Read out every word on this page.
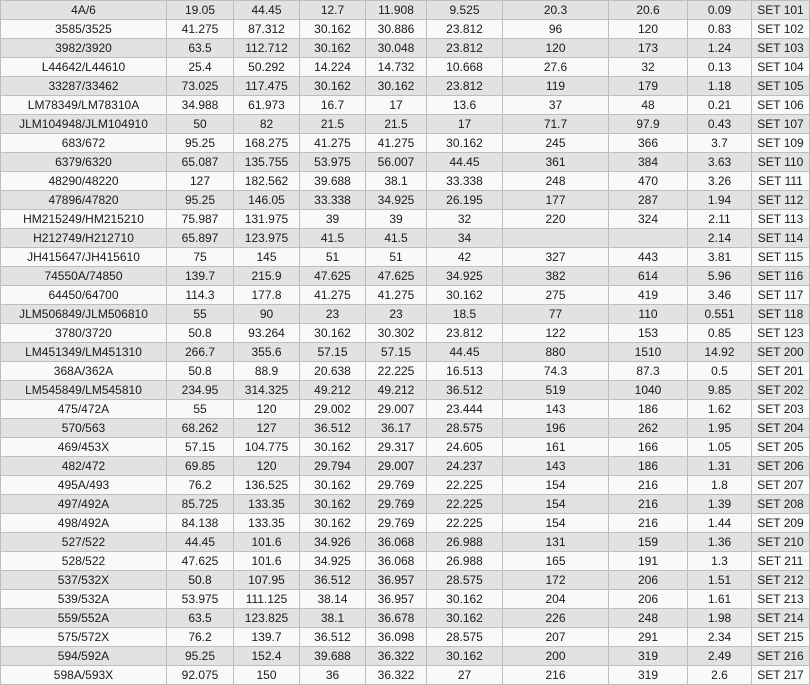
4A/6	19.05	44.45	12.7	11.908	9.525	20.3	20.6	0.09	SET 101
3585/3525	41.275	87.312	30.162	30.886	23.812	96	120	0.83	SET 102
3982/3920	63.5	112.712	30.162	30.048	23.812	120	173	1.24	SET 103
L44642/L44610	25.4	50.292	14.224	14.732	10.668	27.6	32	0.13	SET 104
33287/33462	73.025	117.475	30.162	30.162	23.812	119	179	1.18	SET 105
LM78349/LM78310A	34.988	61.973	16.7	17	13.6	37	48	0.21	SET 106
JLM104948/JLM104910	50	82	21.5	21.5	17	71.7	97.9	0.43	SET 107
683/672	95.25	168.275	41.275	41.275	30.162	245	366	3.7	SET 109
6379/6320	65.087	135.755	53.975	56.007	44.45	361	384	3.63	SET 110
48290/48220	127	182.562	39.688	38.1	33.338	248	470	3.26	SET 111
47896/47820	95.25	146.05	33.338	34.925	26.195	177	287	1.94	SET 112
HM215249/HM215210	75.987	131.975	39	39	32	220	324	2.11	SET 113
H212749/H212710	65.897	123.975	41.5	41.5	34			2.14	SET 114
JH415647/JH415610	75	145	51	51	42	327	443	3.81	SET 115
74550A/74850	139.7	215.9	47.625	47.625	34.925	382	614	5.96	SET 116
64450/64700	114.3	177.8	41.275	41.275	30.162	275	419	3.46	SET 117
JLM506849/JLM506810	55	90	23	23	18.5	77	110	0.551	SET 118
3780/3720	50.8	93.264	30.162	30.302	23.812	122	153	0.85	SET 123
LM451349/LM451310	266.7	355.6	57.15	57.15	44.45	880	1510	14.92	SET 200
368A/362A	50.8	88.9	20.638	22.225	16.513	74.3	87.3	0.5	SET 201
LM545849/LM545810	234.95	314.325	49.212	49.212	36.512	519	1040	9.85	SET 202
475/472A	55	120	29.002	29.007	23.444	143	186	1.62	SET 203
570/563	68.262	127	36.512	36.17	28.575	196	262	1.95	SET 204
469/453X	57.15	104.775	30.162	29.317	24.605	161	166	1.05	SET 205
482/472	69.85	120	29.794	29.007	24.237	143	186	1.31	SET 206
495A/493	76.2	136.525	30.162	29.769	22.225	154	216	1.8	SET 207
497/492A	85.725	133.35	30.162	29.769	22.225	154	216	1.39	SET 208
498/492A	84.138	133.35	30.162	29.769	22.225	154	216	1.44	SET 209
527/522	44.45	101.6	34.926	36.068	26.988	131	159	1.36	SET 210
528/522	47.625	101.6	34.925	36.068	26.988	165	191	1.3	SET 211
537/532X	50.8	107.95	36.512	36.957	28.575	172	206	1.51	SET 212
539/532A	53.975	111.125	38.14	36.957	30.162	204	206	1.61	SET 213
559/552A	63.5	123.825	38.1	36.678	30.162	226	248	1.98	SET 214
575/572X	76.2	139.7	36.512	36.098	28.575	207	291	2.34	SET 215
594/592A	95.25	152.4	39.688	36.322	30.162	200	319	2.49	SET 216
598A/593X	92.075	150	36	36.322	27	216	319	2.6	SET 217
